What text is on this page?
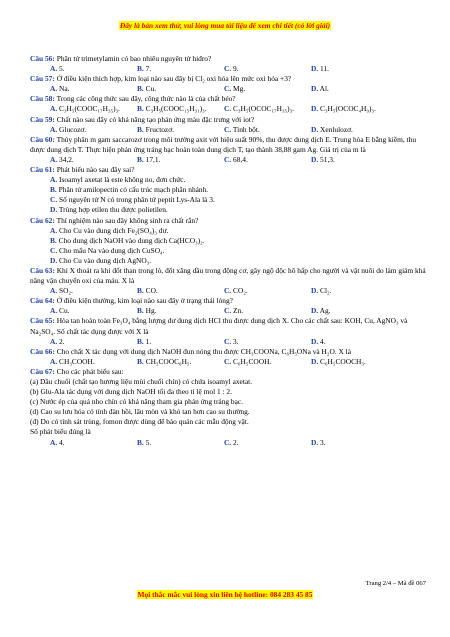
Đây là bản xem thử, vui lòng mua tài liệu để xem chi tiết (có lời giải)

Câu 56: Phân tử trimetylamin có bao nhiêu nguyên tử hiđro?

A. 5.	B. 7.	C. 9.	D. 11.

Câu 57: Ở điều kiện thích hợp, kim loại nào sau đây bị Cl₂ oxi hóa lên mức oxi hóa +3?

A. Na.	B. Cu.	C. Mg.	D. Al.

Câu 58: Trong các công thức sau đây, công thức nào là của chất béo?

A. C₃H₅(COOC₁₇H₃₅)₃.	B. C₃H₅(COOC₁₅H₃₁)₃.	C. C₃H₅(OCOC₁₇H₃₅)₃.	D. C₃H₅(OCOC₄H₉)₃.

Câu 59: Chất nào sau đây có khả năng tạo phản ứng màu đặc trưng với iot?

A. Glucozơ.	B. Fructozơ.	C. Tinh bột.	D. Xenlulozơ.

Câu 60: Thủy phân m gam saccarozơ trong môi trường axit với hiệu suất 90%, thu được dung dịch E. Trung hòa E bằng kiềm, thu được dung dịch T. Thực hiện phản ứng tráng bạc hoàn toàn dung dịch T, tạo thành 38,88 gam Ag. Giá trị của m là

A. 34,2.	B. 17,1.	C. 68,4.	D. 51,3.

Câu 61: Phát biểu nào sau đây sai?

A. Isoamyl axetat là este không no, đơn chức.

B. Phân tử amilopectin có cấu trúc mạch phân nhánh.

C. Số nguyên tử N có trong phân tử peptit Lys-Ala là 3.

D. Trùng hợp etilen thu được polietilen.

Câu 62: Thí nghiệm nào sau đây không sinh ra chất rắn?

A. Cho Cu vào dung dịch Fe₂(SO₄)₃ dư.

B. Cho dung dịch NaOH vào dung dịch Ca(HCO₃)₂.

C. Cho mẩu Na vào dung dịch CuSO₄.

D. Cho Cu vào dung dịch AgNO₃.

Câu 63: Khí X thoát ra khi đốt than trong lò, đốt xăng dầu trong động cơ, gây ngộ độc hô hấp cho người và vật nuôi do làm giảm khả năng vận chuyển oxi của máu. X là

A. SO₂.	B. CO.	C. CO₂.	D. Cl₂.

Câu 64: Ở điều kiện thường, kim loại nào sau đây ở trạng thái lỏng?

A. Cu.	B. Hg.	C. Zn.	D. Ag.

Câu 65: Hòa tan hoàn toàn Fe₃O₄ bằng lượng dư dung dịch HCl thu được dung dịch X. Cho các chất sau: KOH, Cu, AgNO₃ và Na₂SO₄. Số chất tác dụng được với X là

A. 2.	B. 1.	C. 3.	D. 4.

Câu 66: Cho chất X tác dụng với dung dịch NaOH đun nóng thu được CH₃COONa, C₆H₅ONa và H₂O. X là

A. CH₃COOH.	B. CH₃COOC₆H₅.	C. C₆H₅COOH.	D. C₆H₅COOCH₃.

Câu 67: Cho các phát biểu sau:

(a) Dầu chuối (chất tạo hương liệu mùi chuối chín) có chứa isoamyl axetat.

(b) Glu-Ala tác dụng với dung dịch NaOH tối đa theo tỉ lệ mol 1 : 2.

(c) Nước ép của quả nho chín có khả năng tham gia phản ứng tráng bạc.

(d) Cao su lưu hóa có tính đàn hồi, lâu mòn và khó tan hơn cao su thường.

(đ) Do có tính sát trùng, fomon được dùng để bảo quản các mẫu động vật.

Số phát biểu đúng là

A. 4.	B. 5.	C. 2.	D. 3.
Trang 2/4 – Mã đề 067
Mọi thắc mắc vui lòng xin liên hệ hotline: 084 283 45 85
